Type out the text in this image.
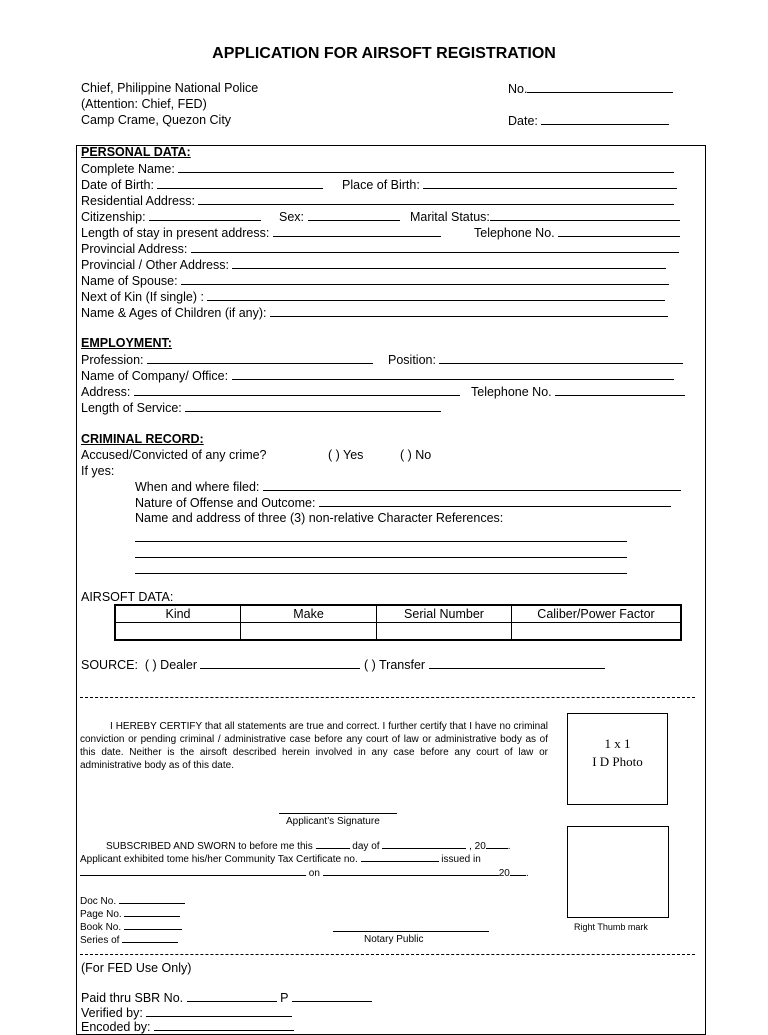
APPLICATION FOR AIRSOFT REGISTRATION
Chief, Philippine National Police
(Attention: Chief, FED)
Camp Crame, Quezon City
No.
Date:
PERSONAL DATA:
Complete Name:
Date of Birth:	Place of Birth:
Residential Address:
Citizenship:	Sex:	Marital Status:
Length of stay in present address:	Telephone No.
Provincial Address:
Provincial / Other Address:
Name of Spouse:
Next of Kin (If single) :
Name & Ages of Children (if any):
EMPLOYMENT:
Profession:	Position:
Name of Company/ Office:
Address:	Telephone No.
Length of Service:
CRIMINAL RECORD:
Accused/Convicted of any crime?	( ) Yes	( ) No
If yes:
When and where filed:
Nature of Offense and Outcome:
Name and address of three (3) non-relative Character References:
AIRSOFT DATA:
Kind	Make	Serial Number	Caliber/Power Factor

SOURCE: ( ) Dealer	( ) Transfer
I HEREBY CERTIFY that all statements are true and correct. I further certify that I have no criminal conviction or pending criminal / administrative case before any court of law or administrative body as of this date. Neither is the airsoft described herein involved in any case before any court of law or administrative body as of this date.
1 x 1
I D Photo
Applicant’s Signature
SUBSCRIBED AND SWORN to before me this	day of	, 20 .
Applicant exhibited tome his/her Community Tax Certificate no.	issued in
on	20 .
Right Thumb mark
Doc No.
Page No.
Book No.
Series of	Notary Public
(For FED Use Only)
Paid thru SBR No.	P
Verified by:
Encoded by:
